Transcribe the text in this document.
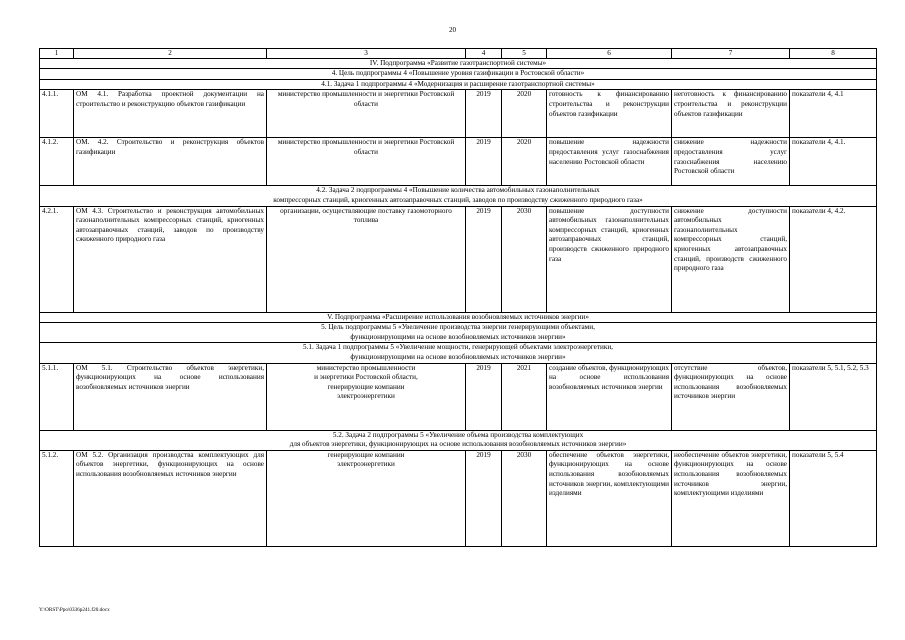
20
1	2	3	4	5	6	7	8
IV. Подпрограмма «Развитие газотранспортной системы»							
4. Цель подпрограммы 4 «Повышение уровня газификации в Ростовской области»							
4.1. Задача 1 подпрограммы 4 «Модернизация и расширение газотранспортной системы»							
4.1.1.	ОМ 4.1. Разработка проектной документации на строительство и реконструкцию объектов газификации	министерство промышленности и энергетики Ростовской области	2019	2020	готовность к финансированию строительства и реконструкции объектов газификации	неготовность к финансированию строительства и реконструкции объектов газификации	показатели 4, 4.1
4.1.2.	ОМ. 4.2. Строительство и реконструкция объектов газификации	министерство промышленности и энергетики Ростовской области	2019	2020	повышение надежности предоставления услуг газоснабжения населению Ростовской области	снижение надежности предоставления услуг газоснабжения населению Ростовской области	показатели 4, 4.1.

4.2. Задача 2 подпрограммы 4 «Повышение количества автомобильных газонаполнительных
компрессорных станций, криогенных автозаправочных станций, заводов по производству сжиженного природного газа»							

4.2.1.	ОМ 4.3. Строительство и реконструкция автомобильных газонаполнительных компрессорных станций, криогенных автозаправочных станций, заводов по производству сжиженного природного газа	организации, осуществляющие поставку газомоторного топлива	2019	2030	повышение доступности автомобильных газонаполнительных компрессорных станций, криогенных автозаправочных станций, производств сжиженного природного газа	снижение доступности автомобильных газонаполнительных компрессорных станций, криогенных автозаправочных станций, производств сжиженного природного газа	показатели 4, 4.2.
V. Подпрограмма «Расширение использования возобновляемых источников энергии»							

5. Цель подпрограммы 5 «Увеличение производства энергии генерирующими объектами,
функционирующими на основе возобновляемых источников энергии»							

5.1. Задача 1 подпрограммы 5 «Увеличение мощности, генерирующей объектами электроэнергетики,
функционирующими на основе возобновляемых источников энергии»							

5.1.1.	ОМ 5.1. Строительство объектов энергетики, функционирующих на основе использования возобновляемых источников энергии	министерство промышленности
и энергетики Ростовской области,
генерирующие компании
электроэнергетики	2019	2021	создание объектов, функционирующих на основе использования возобновляемых источников энергии	отсутствие объектов, функционирующих на основе использования возобновляемых источников энергии	показатели 5, 5.1, 5.2, 5.3

5.2. Задача 2 подпрограммы 5 «Увеличение объема производства комплектующих
для объектов энергетики, функционирующих на основе использования возобновляемых источников энергии»							

5.1.2.	ОМ 5.2. Организация производства комплектующих для объектов энергетики, функционирующих на основе использования возобновляемых источников энергии	генерирующие компании
электроэнергетики	2019	2030	обеспечение объектов энергетики, функционирующих на основе использования возобновляемых источников энергии, комплектующими изделиями	необеспечение объектов энергетики, функционирующих на основе использования возобновляемых источников энергии, комплектующими изделиями	показатели 5, 5.4
Y:\ORST\Ppo\0336p241.f20.docx
